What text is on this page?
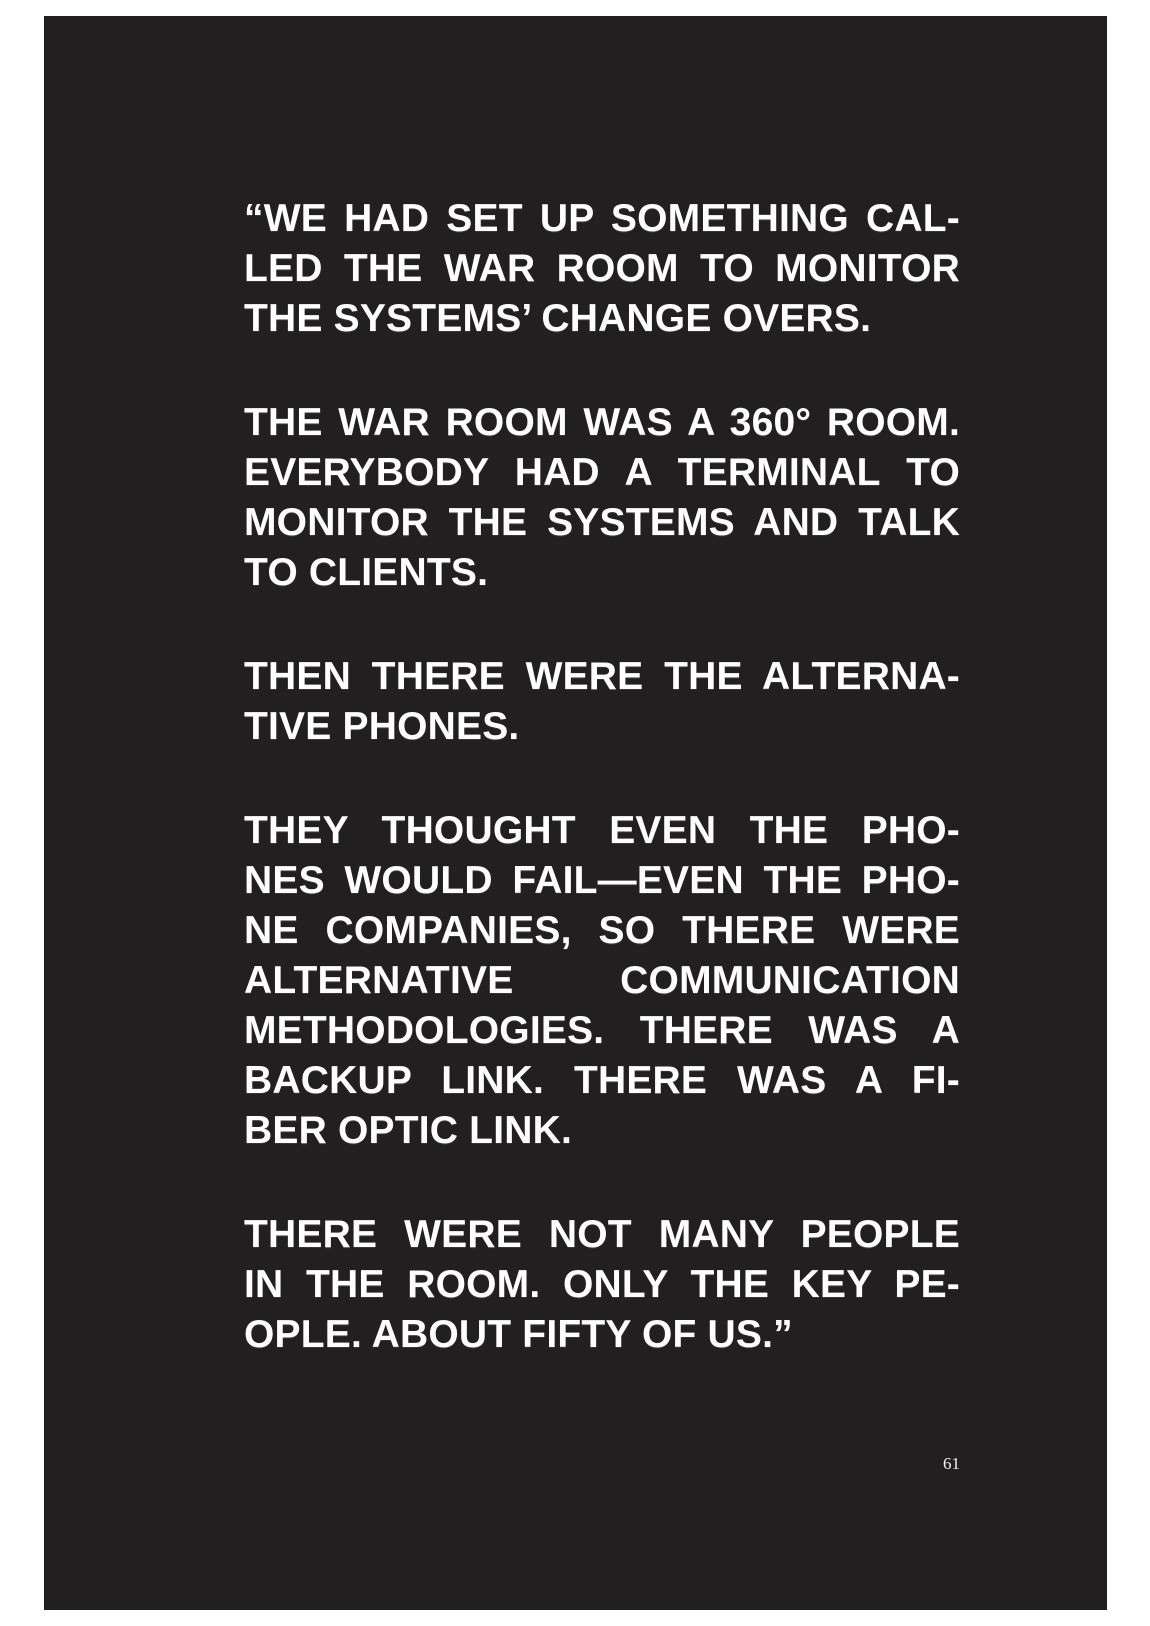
“WE HAD SET UP SOMETHING CAL-
LED THE WAR ROOM TO MONITOR
THE SYSTEMS’ CHANGE OVERS.
THE WAR ROOM WAS A 360° ROOM.
EVERYBODY HAD A TERMINAL TO
MONITOR THE SYSTEMS AND TALK
TO CLIENTS.
THEN THERE WERE THE ALTERNA-
TIVE PHONES.
THEY THOUGHT EVEN THE PHO-
NES WOULD FAIL—EVEN THE PHO-
NE COMPANIES, SO THERE WERE
ALTERNATIVE COMMUNICATION
METHODOLOGIES. THERE WAS A
BACKUP LINK. THERE WAS A FI-
BER OPTIC LINK.
THERE WERE NOT MANY PEOPLE
IN THE ROOM. ONLY THE KEY PE-
OPLE. ABOUT FIFTY OF US.”
61
